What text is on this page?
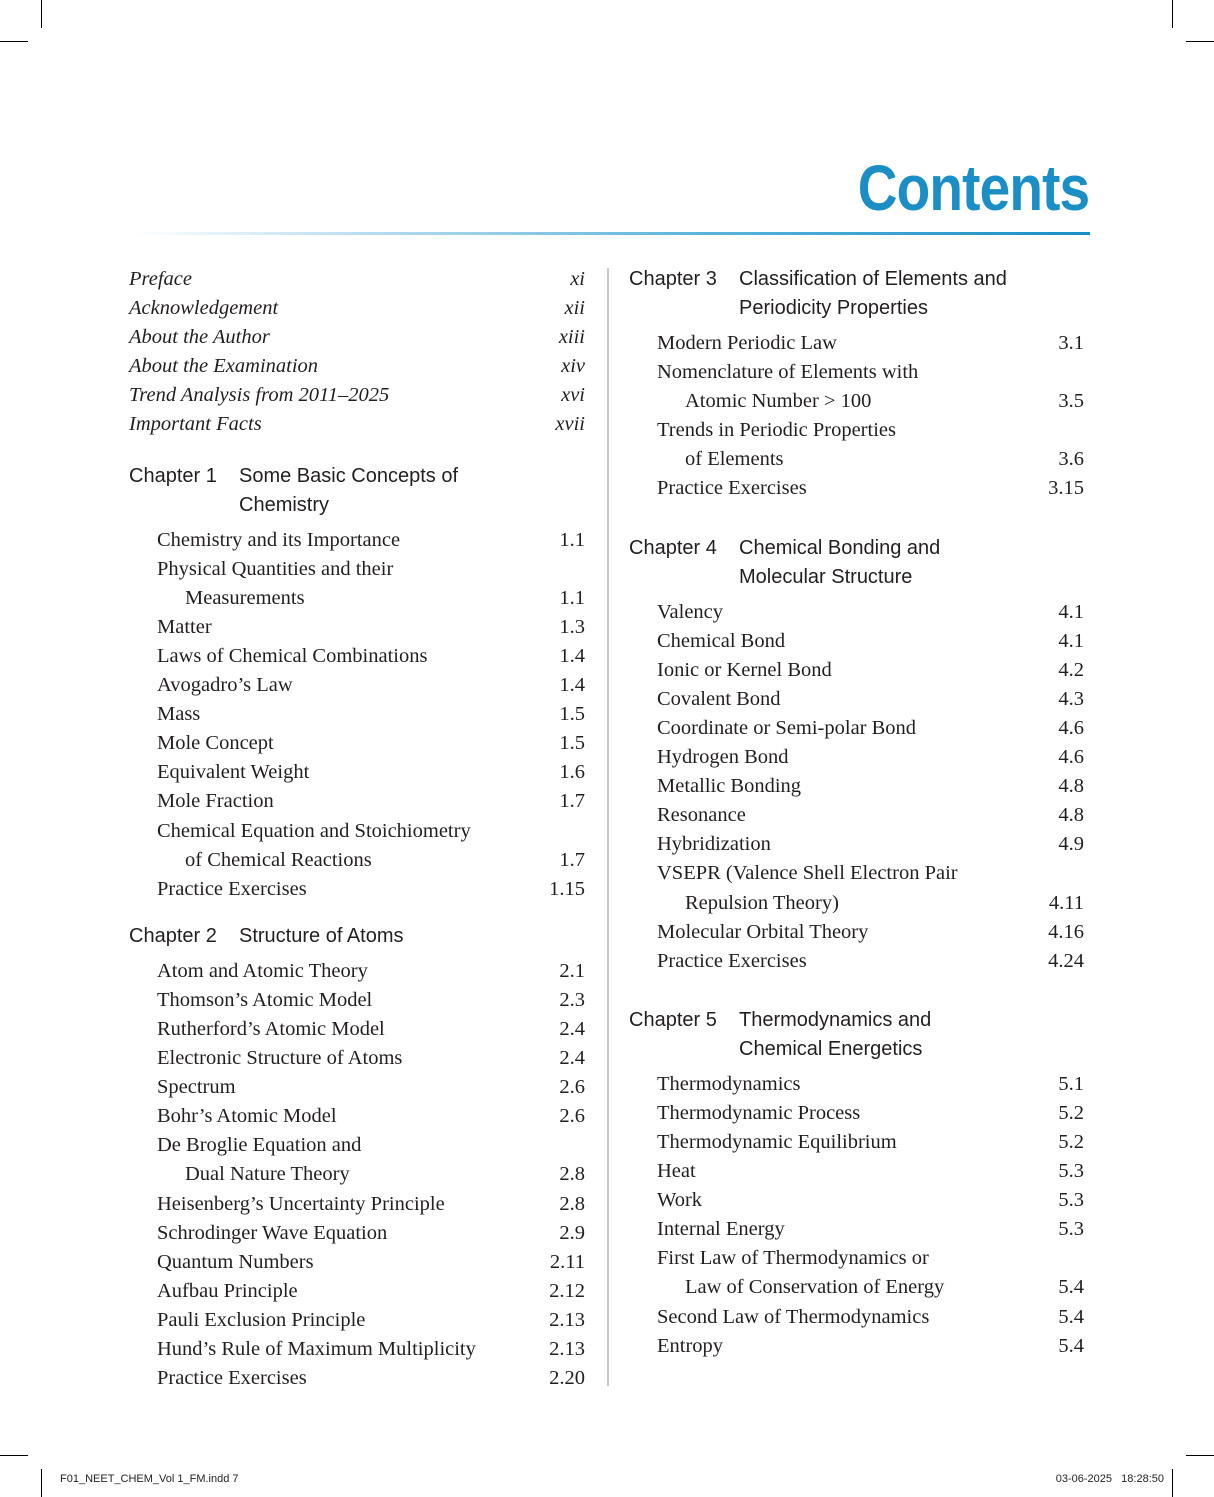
Contents
Preface	xi
Acknowledgement	xii
About the Author	xiii
About the Examination	xiv
Trend Analysis from 2011–2025	xvi
Important Facts	xvii
Chapter 1 Some Basic Concepts of
Chemistry
Chemistry and its Importance	1.1
Physical Quantities and their
Measurements	1.1
Matter	1.3
Laws of Chemical Combinations	1.4
Avogadro’s Law	1.4
Mass	1.5
Mole Concept	1.5
Equivalent Weight	1.6
Mole Fraction	1.7
Chemical Equation and Stoichiometry
of Chemical Reactions	1.7
Practice Exercises	1.15
Chapter 2 Structure of Atoms
Atom and Atomic Theory	2.1
Thomson’s Atomic Model	2.3
Rutherford’s Atomic Model	2.4
Electronic Structure of Atoms	2.4
Spectrum	2.6
Bohr’s Atomic Model	2.6
De Broglie Equation and
Dual Nature Theory	2.8
Heisenberg’s Uncertainty Principle	2.8
Schrodinger Wave Equation	2.9
Quantum Numbers	2.11
Aufbau Principle	2.12
Pauli Exclusion Principle	2.13
Hund’s Rule of Maximum Multiplicity	2.13
Practice Exercises	2.20
Chapter 3 Classification of Elements and
Periodicity Properties
Modern Periodic Law	3.1
Nomenclature of Elements with
Atomic Number > 100	3.5
Trends in Periodic Properties
of Elements	3.6
Practice Exercises	3.15
Chapter 4 Chemical Bonding and
Molecular Structure
Valency	4.1
Chemical Bond	4.1
Ionic or Kernel Bond	4.2
Covalent Bond	4.3
Coordinate or Semi-polar Bond	4.6
Hydrogen Bond	4.6
Metallic Bonding	4.8
Resonance	4.8
Hybridization	4.9
VSEPR (Valence Shell Electron Pair
Repulsion Theory)	4.11
Molecular Orbital Theory	4.16
Practice Exercises	4.24
Chapter 5 Thermodynamics and
Chemical Energetics
Thermodynamics	5.1
Thermodynamic Process	5.2
Thermodynamic Equilibrium	5.2
Heat	5.3
Work	5.3
Internal Energy	5.3
First Law of Thermodynamics or
Law of Conservation of Energy	5.4
Second Law of Thermodynamics	5.4
Entropy	5.4
F01_NEET_CHEM_Vol 1_FM.indd 7	03-06-2025   18:28:50
